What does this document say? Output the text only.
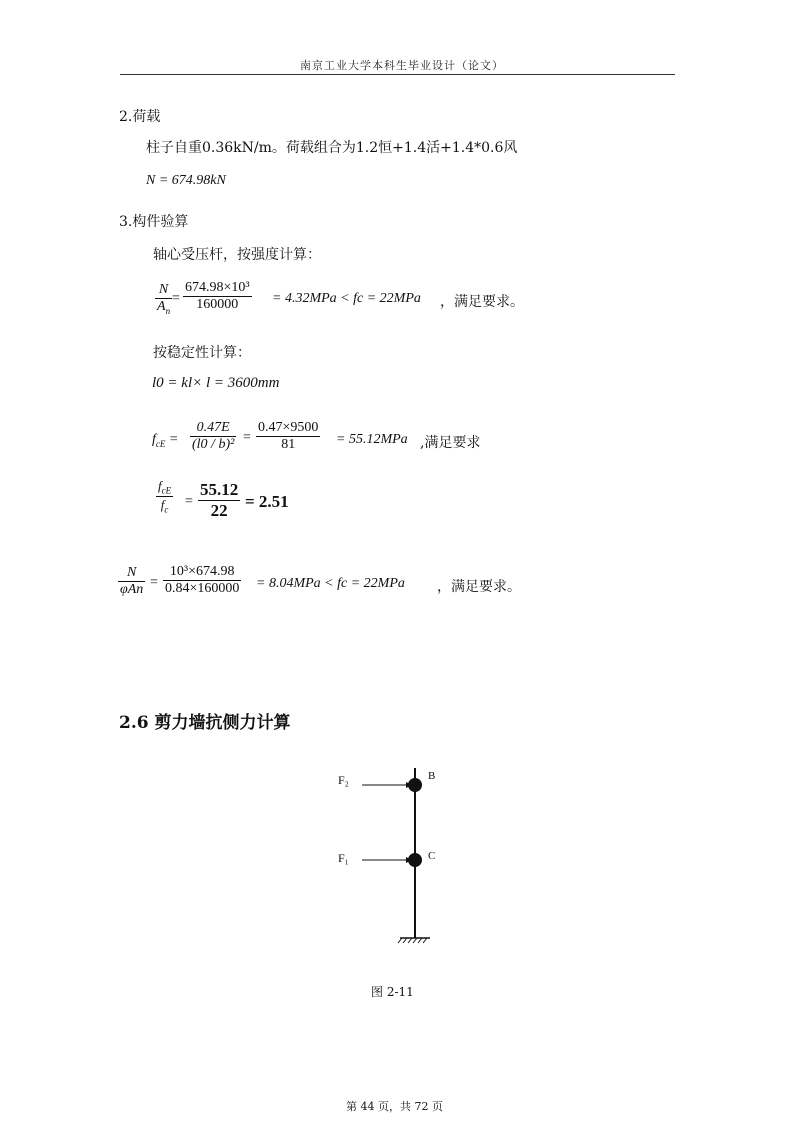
南京工业大学本科生毕业设计（论文）
2.荷载
柱子自重0.36kN/m。荷载组合为1.2恒+1.4活+1.4*0.6风
N = 674.98kN
3.构件验算
轴心受压杆，按强度计算：
N
$A_n$
=
674.98×10³
160000	= 4.32MPa < fc = 22MPa ，满足要求。
按稳定性计算：
l0 = kl× l = 3600mm
$f_{cE}$ =
0.47E
(l0 / b)² =
0.47×9500
81	= 55.12MPa ,满足要求
$f_{cE}$
$f_c$
=
55.12
22	= 2.51
N
φAn =
10³×674.98
0.84×160000 = 8.04MPa < fc = 22MPa ，满足要求。
2.6 剪力墙抗侧力计算
F₂
F₁
B
C
图 2-11
第 44 页，共 72 页
